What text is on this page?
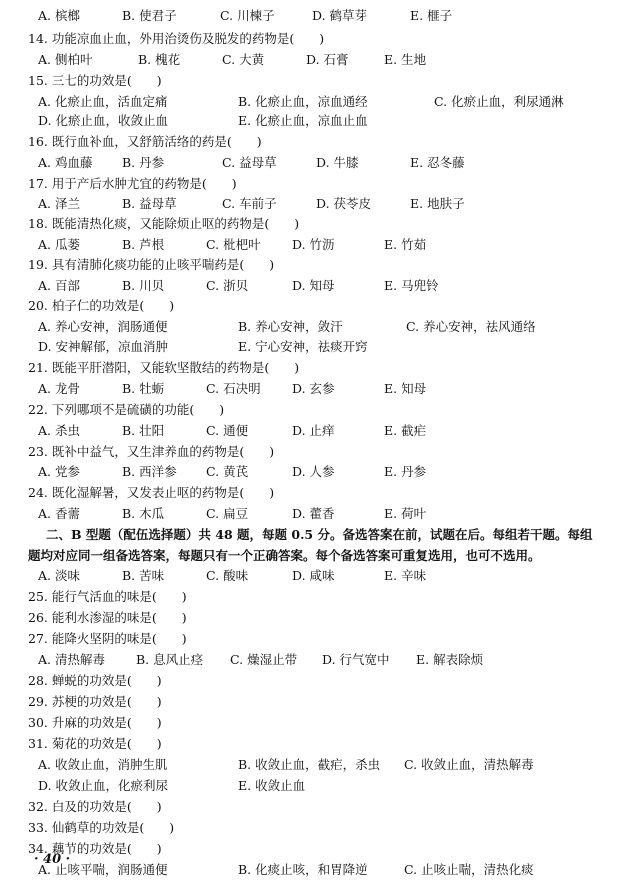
A. 槟榔	B. 使君子	C. 川楝子	D. 鹤草芽	E. 榧子
14. 功能凉血止血，外用治烫伤及脱发的药物是(　　)
A. 侧柏叶	B. 槐花	C. 大黄	D. 石膏	E. 生地
15. 三七的功效是(　　)
A. 化瘀止血，活血定痛	B. 化瘀止血，凉血通经	C. 化瘀止血，利尿通淋
D. 化瘀止血，收敛止血	E. 化瘀止血，凉血止血
16. 既行血补血，又舒筋活络的药是(　　)
A. 鸡血藤 B. 丹参	C. 益母草	D. 牛膝	E. 忍冬藤
17. 用于产后水肿尤宜的药物是(　　)
A. 泽兰	B. 益母草	C. 车前子	D. 茯苓皮	E. 地肤子
18. 既能清热化痰，又能除烦止呕的药物是(　　)
A. 瓜蒌	B. 芦根	C. 枇杷叶	D. 竹沥	E. 竹茹
19. 具有清肺化痰功能的止咳平喘药是(　　)
A. 百部	B. 川贝	C. 浙贝	D. 知母	E. 马兜铃
20. 柏子仁的功效是(　　)
A. 养心安神，润肠通便	B. 养心安神，敛汗	C. 养心安神，祛风通络
D. 安神解郁，凉血消肿	E. 宁心安神，祛痰开窍
21. 既能平肝潜阳，又能软坚散结的药物是(　　)
A. 龙骨	B. 牡蛎	C. 石决明	D. 玄参	E. 知母
22. 下列哪项不是硫磺的功能(　　)
A. 杀虫	B. 壮阳	C. 通便	D. 止痒	E. 截疟
23. 既补中益气，又生津养血的药物是(　　)
A. 党参	B. 西洋参 C. 黄芪	D. 人参	E. 丹参
24. 既化湿解暑，又发表止呕的药物是(　　)
A. 香薷	B. 木瓜	C. 扁豆	D. 藿香	E. 荷叶
二、B 型题（配伍选择题）共 48 题，每题 0.5 分。备选答案在前，试题在后。每组若干题。每组
题均对应同一组备选答案，每题只有一个正确答案。每个备选答案可重复选用，也可不选用。
A. 淡味	B. 苦味	C. 酸味	D. 咸味	E. 辛味
25. 能行气活血的味是(　　)
26. 能利水渗湿的味是(　　)
27. 能降火坚阴的味是(　　)
A. 清热解毒 B. 息风止痉 C. 燥湿止带 D. 行气宽中 E. 解表除烦
28. 蝉蜕的功效是(　　)
29. 苏梗的功效是(　　)
30. 升麻的功效是(　　)
31. 菊花的功效是(　　)
A. 收敛止血，消肿生肌	B. 收敛止血，截疟，杀虫 C. 收敛止血，清热解毒
D. 收敛止血，化瘀利尿	E. 收敛止血
32. 白及的功效是(　　)
33. 仙鹤草的功效是(　　)
34. 藕节的功效是(　　)
A. 止咳平喘，润肠通便	B. 化痰止咳，和胃降逆	C. 止咳止喘，清热化痰
· 40 ·
